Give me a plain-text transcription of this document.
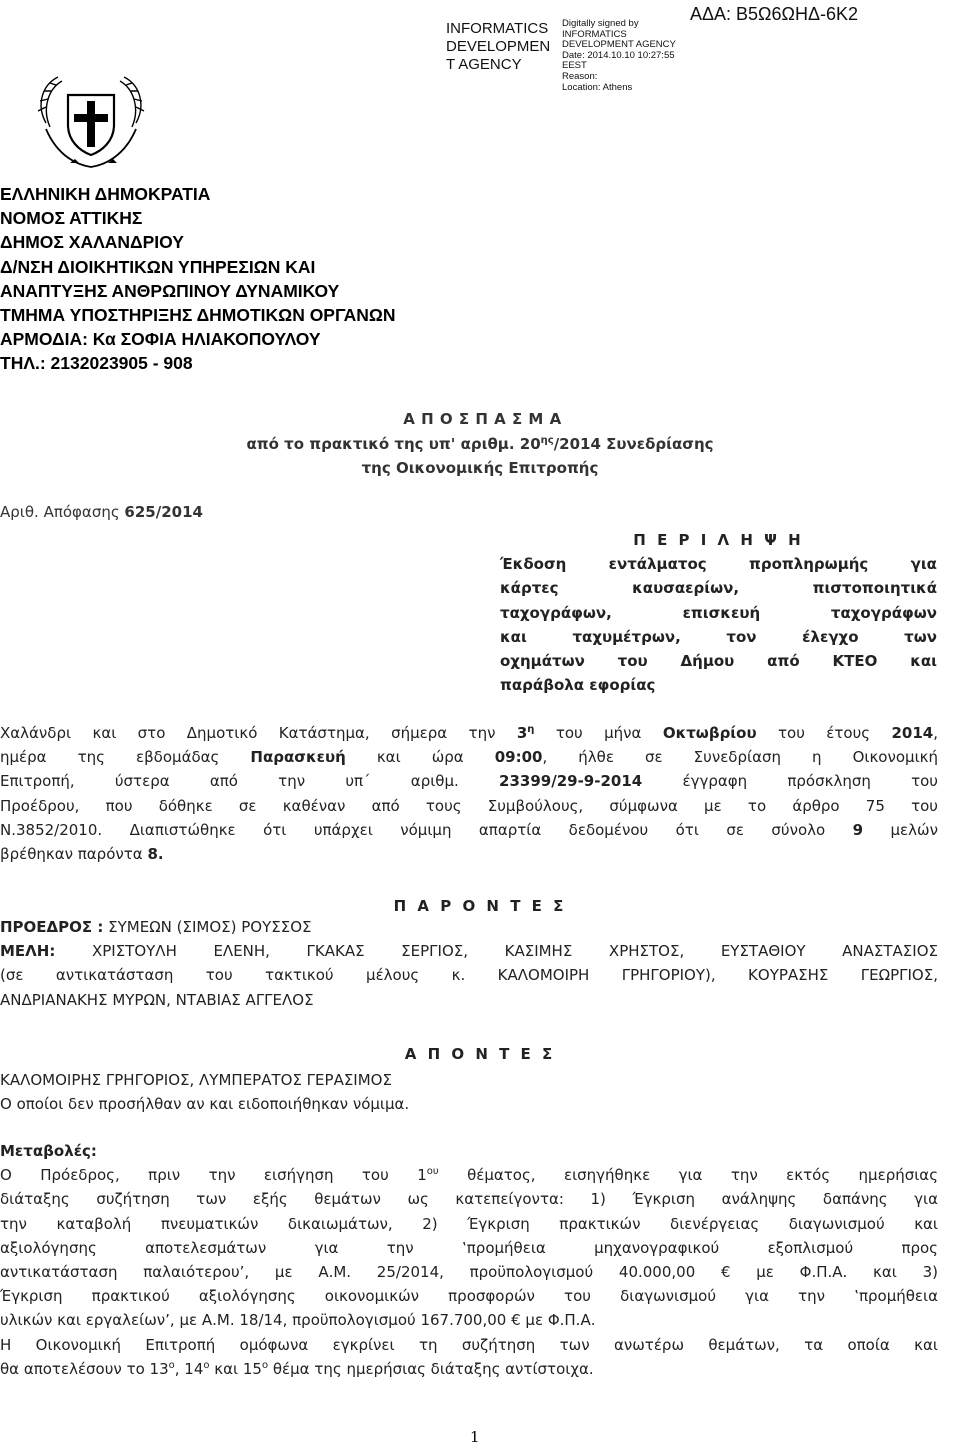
INFORMATICS
DEVELOPMEN
T AGENCY
Digitally signed by
INFORMATICS
DEVELOPMENT AGENCY
Date: 2014.10.10 10:27:55
EEST
Reason:
Location: Athens
ΑΔΑ: Β5Ω6ΩΗΔ-6Κ2
ΕΛΛΗΝΙΚΗ ΔΗΜΟΚΡΑΤΙΑ
ΝΟΜΟΣ ΑΤΤΙΚΗΣ
ΔΗΜΟΣ ΧΑΛΑΝΔΡΙΟΥ
Δ/ΝΣΗ ΔΙΟΙΚΗΤΙΚΩΝ ΥΠΗΡΕΣΙΩΝ ΚΑΙ
ΑΝΑΠΤΥΞΗΣ ΑΝΘΡΩΠΙΝΟΥ ΔΥΝΑΜΙΚΟΥ
ΤΜΗΜΑ ΥΠΟΣΤΗΡΙΞΗΣ ΔΗΜΟΤΙΚΩΝ ΟΡΓΑΝΩΝ
ΑΡΜΟΔΙΑ: Κα ΣΟΦΙΑ ΗΛΙΑΚΟΠΟΥΛΟΥ
ΤΗΛ.: 2132023905 - 908
Α Π Ο Σ Π Α Σ Μ Α
από το πρακτικό της υπ' αριθμ. $20^{\eta\varsigma}/2014$ Συνεδρίασης
της Οικονομικής Επιτροπής
Αριθ. Απόφασης 625/2014
Π Ε Ρ Ι Λ Η Ψ Η
Έκδοση εντάλματος προπληρωμής για
κάρτες καυσαερίων, πιστοποιητικά
ταχογράφων, επισκευή ταχογράφων
και ταχυμέτρων, τον έλεγχο των
οχημάτων του Δήμου από ΚΤΕΟ και
παράβολα εφορίας
Χαλάνδρι και στο Δημοτικό Κατάστημα, σήμερα την $3^\eta$ του μήνα Οκτωβρίου του έτους 2014,
ημέρα της εβδομάδας Παρασκευή και ώρα 09:00, ήλθε σε Συνεδρίαση η Οικονομική
Επιτροπή, ύστερα από την υπ΄ αριθμ. 23399/29-9-2014 έγγραφη πρόσκληση του
Προέδρου, που δόθηκε σε καθέναν από τους Συμβούλους, σύμφωνα με το άρθρο 75 του
Ν.3852/2010. Διαπιστώθηκε ότι υπάρχει νόμιμη απαρτία δεδομένου ότι σε σύνολο 9 μελών
βρέθηκαν παρόντα 8.
Π Α Ρ Ο Ν Τ Ε Σ
ΠΡΟΕΔΡΟΣ : ΣΥΜΕΩΝ (ΣΙΜΟΣ) ΡΟΥΣΣΟΣ
ΜΕΛΗ: ΧΡΙΣΤΟΥΛΗ ΕΛΕΝΗ, ΓΚΑΚΑΣ ΣΕΡΓΙΟΣ, ΚΑΣΙΜΗΣ ΧΡΗΣΤΟΣ, ΕΥΣΤΑΘΙΟΥ ΑΝΑΣΤΑΣΙΟΣ
(σε αντικατάσταση του τακτικού μέλους κ. ΚΑΛΟΜΟΙΡΗ ΓΡΗΓΟΡΙΟΥ), ΚΟΥΡΑΣΗΣ ΓΕΩΡΓΙΟΣ,
ΑΝΔΡΙΑΝΑΚΗΣ ΜΥΡΩΝ, ΝΤΑΒΙΑΣ ΑΓΓΕΛΟΣ
Α Π Ο Ν Τ Ε Σ
ΚΑΛΟΜΟΙΡΗΣ ΓΡΗΓΟΡΙΟΣ, ΛΥΜΠΕΡΑΤΟΣ ΓΕΡΑΣΙΜΟΣ
Ο οποίοι δεν προσήλθαν αν και ειδοποιήθηκαν νόμιμα.
Μεταβολές:
Ο Πρόεδρος, πριν την εισήγηση του $1^{o\upsilon}$ θέματος, εισηγήθηκε για την εκτός ημερήσιας
διάταξης συζήτηση των εξής θεμάτων ως κατεπείγοντα: 1) Έγκριση ανάληψης δαπάνης για
την καταβολή πνευματικών δικαιωμάτων, 2) Έγκριση πρακτικών διενέργειας διαγωνισμού και
αξιολόγησης αποτελεσμάτων για την ‛προμήθεια μηχανογραφικού εξοπλισμού προς
αντικατάσταση παλαιότερου’, με Α.Μ. 25/2014, προϋπολογισμού 40.000,00 € με Φ.Π.Α. και 3)
Έγκριση πρακτικού αξιολόγησης οικονομικών προσφορών του διαγωνισμού για την ‛προμήθεια
υλικών και εργαλείων’, με Α.Μ. 18/14, προϋπολογισμού 167.700,00 € με Φ.Π.Α.
Η Οικονομική Επιτροπή ομόφωνα εγκρίνει τη συζήτηση των ανωτέρω θεμάτων, τα οποία και
θα αποτελέσουν το $13^o$, $14^o$ και $15^o$ θέμα της ημερήσιας διάταξης αντίστοιχα.
1
